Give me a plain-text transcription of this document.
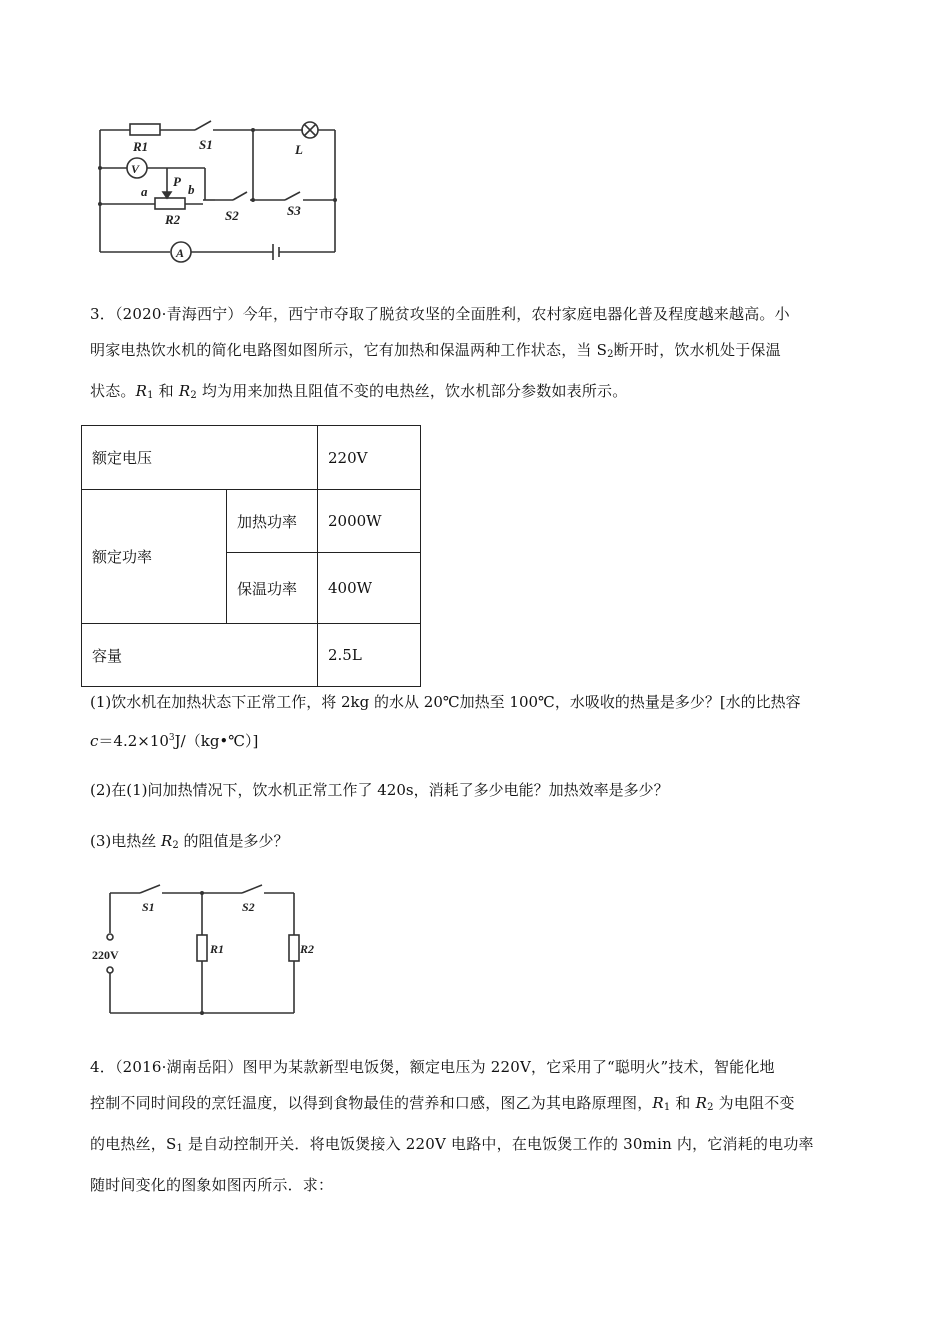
R1	S1	L
V
a
P
b
R2	S2	S3
A
3．（2020·青海西宁）今年，西宁市夺取了脱贫攻坚的全面胜利，农村家庭电器化普及程度越来越高。小
明家电热饮水机的简化电路图如图所示，它有加热和保温两种工作状态，当 $S_2$断开时，饮水机处于保温
状态。$R_1$ 和 $R_2$ 均为用来加热且阻值不变的电热丝，饮水机部分参数如表所示。
额定电压		220V
额定功率	加热功率	2000W
	保温功率	400W
容量		2.5L
(1)饮水机在加热状态下正常工作，将 2kg 的水从 20℃加热至 100℃，水吸收的热量是多少？[水的比热容
$c=4.2\times 10^3J/(kg•℃)$]
(2)在(1)问加热情况下，饮水机正常工作了 420s，消耗了多少电能？加热效率是多少？
(3)电热丝 $R_2$ 的阻值是多少？
S1	S2
220V	R1	R2
4．（2016·湖南岳阳）图甲为某款新型电饭煲，额定电压为 220V，它采用了“聪明火”技术，智能化地
控制不同时间段的烹饪温度，以得到食物最佳的营养和口感，图乙为其电路原理图，$R_1$ 和 $R_2$ 为电阻不变
的电热丝，$S_1$ 是自动控制开关．将电饭煲接入 220V 电路中，在电饭煲工作的 30min 内，它消耗的电功率
随时间变化的图象如图丙所示．求：
